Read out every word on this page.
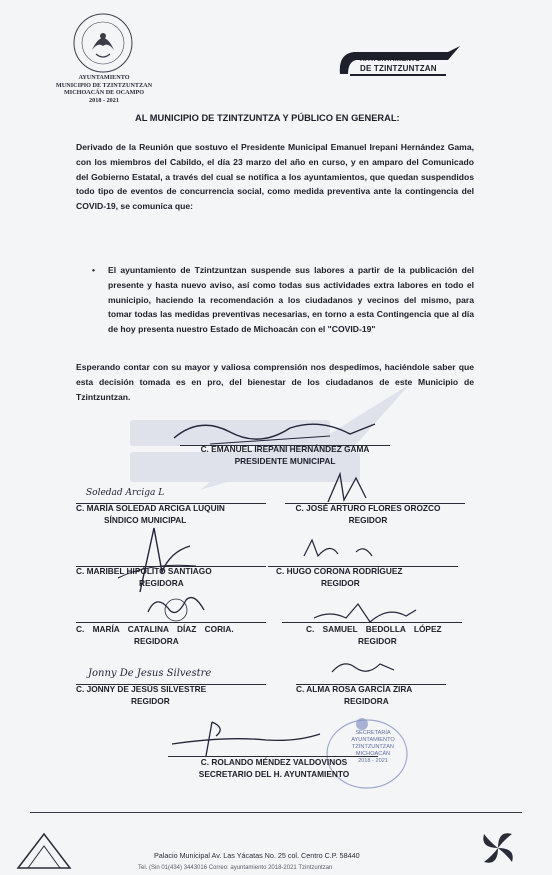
AYUNTAMIENTO
MUNICIPIO DE TZINTZUNTZAN
MICHOACÁN DE OCAMPO
2018 - 2021
H. AYUNTAMIENTO
DE TZINTZUNTZAN
AL MUNICIPIO DE TZINTZUNTZA Y PÚBLICO EN GENERAL:

Derivado de la Reunión que sostuvo el Presidente Municipal Emanuel Irepani Hernández Gama, con los miembros del Cabildo, el día 23 marzo del año en curso, y en amparo del Comunicado del Gobierno Estatal, a través del cual se notifica a los ayuntamientos, que quedan suspendidos todo tipo de eventos de concurrencia social, como medida preventiva ante la contingencia del COVID-19, se comunica que:

• El ayuntamiento de Tzintzuntzan suspende sus labores a partir de la publicación del presente y hasta nuevo aviso, así como todas sus actividades extra labores en todo el municipio, haciendo la recomendación a los ciudadanos y vecinos del mismo, para tomar todas las medidas preventivas necesarias, en torno a esta Contingencia que al día de hoy presenta nuestro Estado de Michoacán con el "COVID-19"

Esperando contar con su mayor y valiosa comprensión nos despedimos, haciéndole saber que esta decisión tomada es en pro, del bienestar de los ciudadanos de este Municipio de Tzintzuntzan.

C. EMANUEL IREPANI HERNÁNDEZ GAMA
PRESIDENTE MUNICIPAL
Soledad Arciga L
C. MARÍA SOLEDAD ARCIGA LUQUIN
SÍNDICO MUNICIPAL
C. JOSÉ ARTURO FLORES OROZCO
REGIDOR
C. MARIBEL HIPÓLITO SANTIAGO
REGIDORA
C. HUGO CORONA RODRÍGUEZ
REGIDOR
C. MARÍA CATALINA DÍAZ CORIA.
REGIDORA
C. SAMUEL BEDOLLA LÓPEZ
REGIDOR
Jonny De Jesus Silvestre
C. JONNY DE JESÚS SILVESTRE
REGIDOR
C. ALMA ROSA GARCÍA ZIRA
REGIDORA
SECRETARÍA
AYUNTAMIENTO
TZINTZUNTZAN
MICHOACÁN
2018 - 2021
C. ROLANDO MÉNDEZ VALDOVINOS
SECRETARIO DEL H. AYUNTAMIENTO
Palacio Municipal Av. Las Yácatas No. 25 col. Centro C.P. 58440
Tel. (Sin 01(434) 3443016 Correo: ayuntamiento 2018-2021 Tzintzuntzan
